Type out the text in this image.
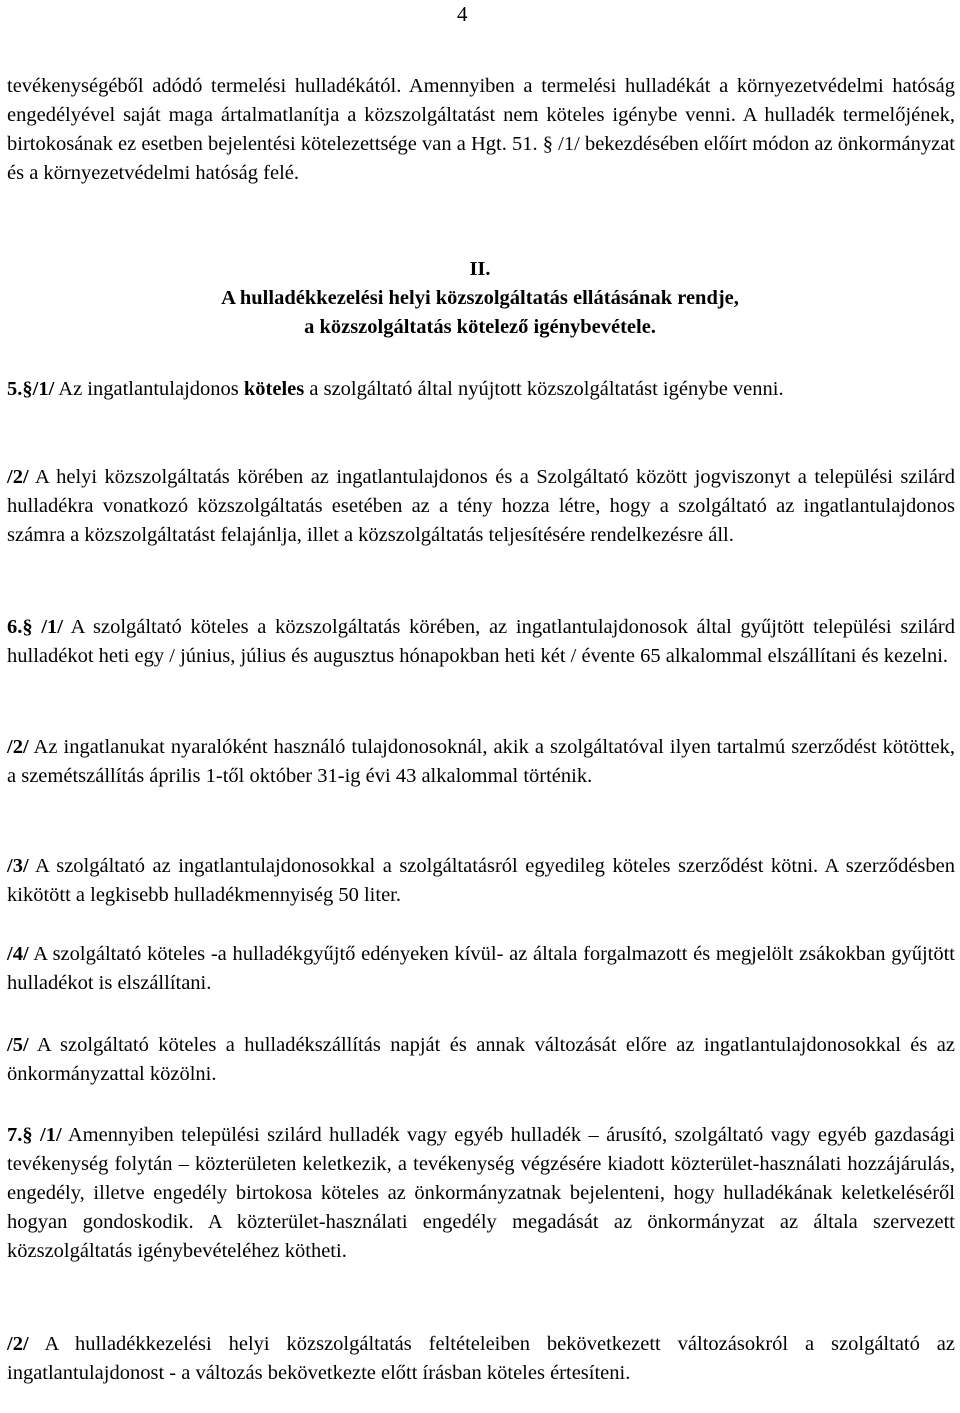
4

tevékenységéből adódó termelési hulladékától. Amennyiben a termelési hulladékát a környezetvédelmi hatóság engedélyével saját maga ártalmatlanítja a közszolgáltatást nem köteles igénybe venni. A hulladék termelőjének, birtokosának ez esetben bejelentési kötelezettsége van a Hgt. 51. § /1/ bekezdésében előírt módon az önkormányzat és a környezetvédelmi hatóság felé.

II.
A hulladékkezelési helyi közszolgáltatás ellátásának rendje,
a közszolgáltatás kötelező igénybevétele.

5.§/1/ Az ingatlantulajdonos köteles a szolgáltató által nyújtott közszolgáltatást igénybe venni.

/2/ A helyi közszolgáltatás körében az ingatlantulajdonos és a Szolgáltató között jogviszonyt a települési szilárd hulladékra vonatkozó közszolgáltatás esetében az a tény hozza létre, hogy a szolgáltató az ingatlantulajdonos számra a közszolgáltatást felajánlja, illet a közszolgáltatás teljesítésére rendelkezésre áll.

6.§ /1/ A szolgáltató köteles a közszolgáltatás körében, az ingatlantulajdonosok által gyűjtött települési szilárd hulladékot heti egy / június, július és augusztus hónapokban heti két / évente 65 alkalommal elszállítani és kezelni.

/2/ Az ingatlanukat nyaralóként használó tulajdonosoknál, akik a szolgáltatóval ilyen tartalmú szerződést kötöttek, a szemétszállítás április 1-től október 31-ig évi 43 alkalommal történik.

/3/ A szolgáltató az ingatlantulajdonosokkal a szolgáltatásról egyedileg köteles szerződést kötni. A szerződésben kikötött a legkisebb hulladékmennyiség 50 liter.

/4/ A szolgáltató köteles -a hulladékgyűjtő edényeken kívül- az általa forgalmazott és megjelölt zsákokban gyűjtött hulladékot is elszállítani.

/5/ A szolgáltató köteles a hulladékszállítás napját és annak változását előre az ingatlantulajdonosokkal és az önkormányzattal közölni.

7.§ /1/ Amennyiben települési szilárd hulladék vagy egyéb hulladék – árusító, szolgáltató vagy egyéb gazdasági tevékenység folytán – közterületen keletkezik, a tevékenység végzésére kiadott közterület-használati hozzájárulás, engedély, illetve engedély birtokosa köteles az önkormányzatnak bejelenteni, hogy hulladékának keletkeléséről hogyan gondoskodik. A közterület-használati engedély megadását az önkormányzat az általa szervezett közszolgáltatás igénybevételéhez kötheti.

/2/ A hulladékkezelési helyi közszolgáltatás feltételeiben bekövetkezett változásokról a szolgáltató az ingatlantulajdonost - a változás bekövetkezte előtt írásban köteles értesíteni.
